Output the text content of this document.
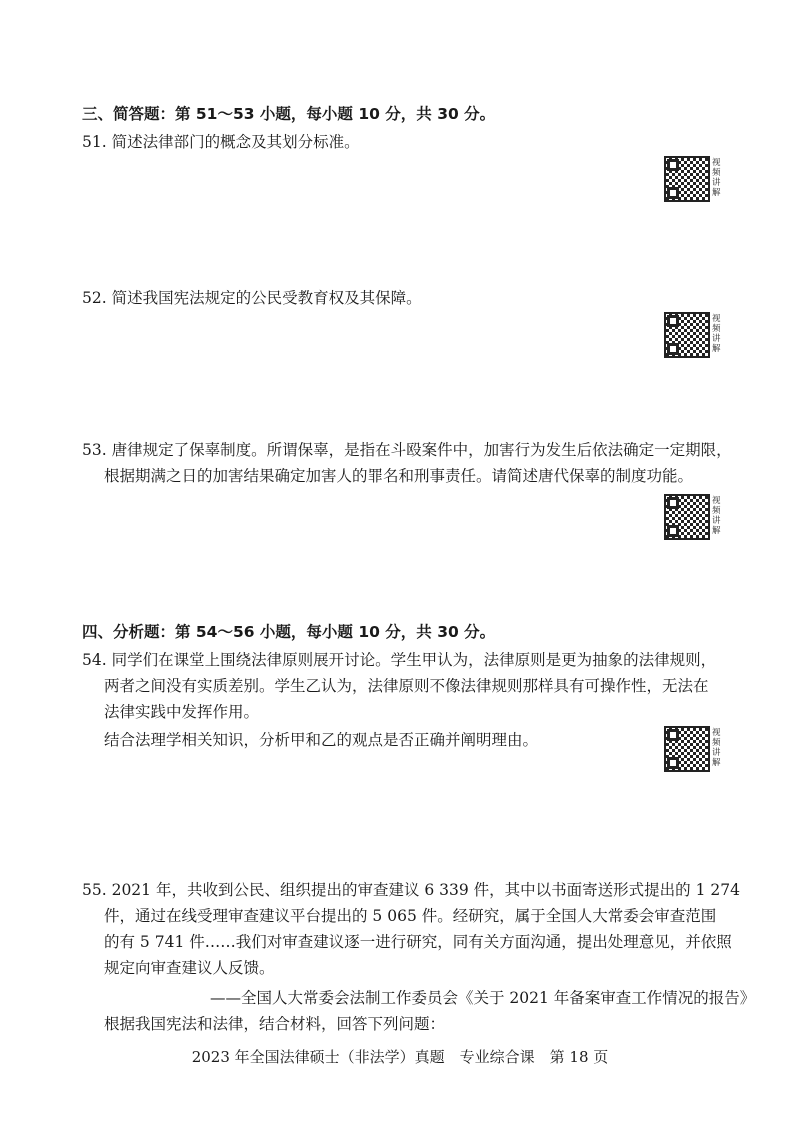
三、简答题：第 51～53 小题，每小题 10 分，共 30 分。
51. 简述法律部门的概念及其划分标准。
视频讲解
52. 简述我国宪法规定的公民受教育权及其保障。
视频讲解
53. 唐律规定了保辜制度。所谓保辜，是指在斗殴案件中，加害行为发生后依法确定一定期限，
根据期满之日的加害结果确定加害人的罪名和刑事责任。请简述唐代保辜的制度功能。
视频讲解
四、分析题：第 54～56 小题，每小题 10 分，共 30 分。
54. 同学们在课堂上围绕法律原则展开讨论。学生甲认为，法律原则是更为抽象的法律规则，
两者之间没有实质差别。学生乙认为，法律原则不像法律规则那样具有可操作性，无法在
法律实践中发挥作用。
结合法理学相关知识，分析甲和乙的观点是否正确并阐明理由。	视频讲解
55. 2021 年，共收到公民、组织提出的审查建议 6 339 件，其中以书面寄送形式提出的 1 274
件，通过在线受理审查建议平台提出的 5 065 件。经研究，属于全国人大常委会审查范围
的有 5 741 件……我们对审查建议逐一进行研究，同有关方面沟通，提出处理意见，并依照
规定向审查建议人反馈。
——全国人大常委会法制工作委员会《关于 2021 年备案审查工作情况的报告》
根据我国宪法和法律，结合材料，回答下列问题：
2023 年全国法律硕士（非法学）真题　专业综合课　第 18 页
